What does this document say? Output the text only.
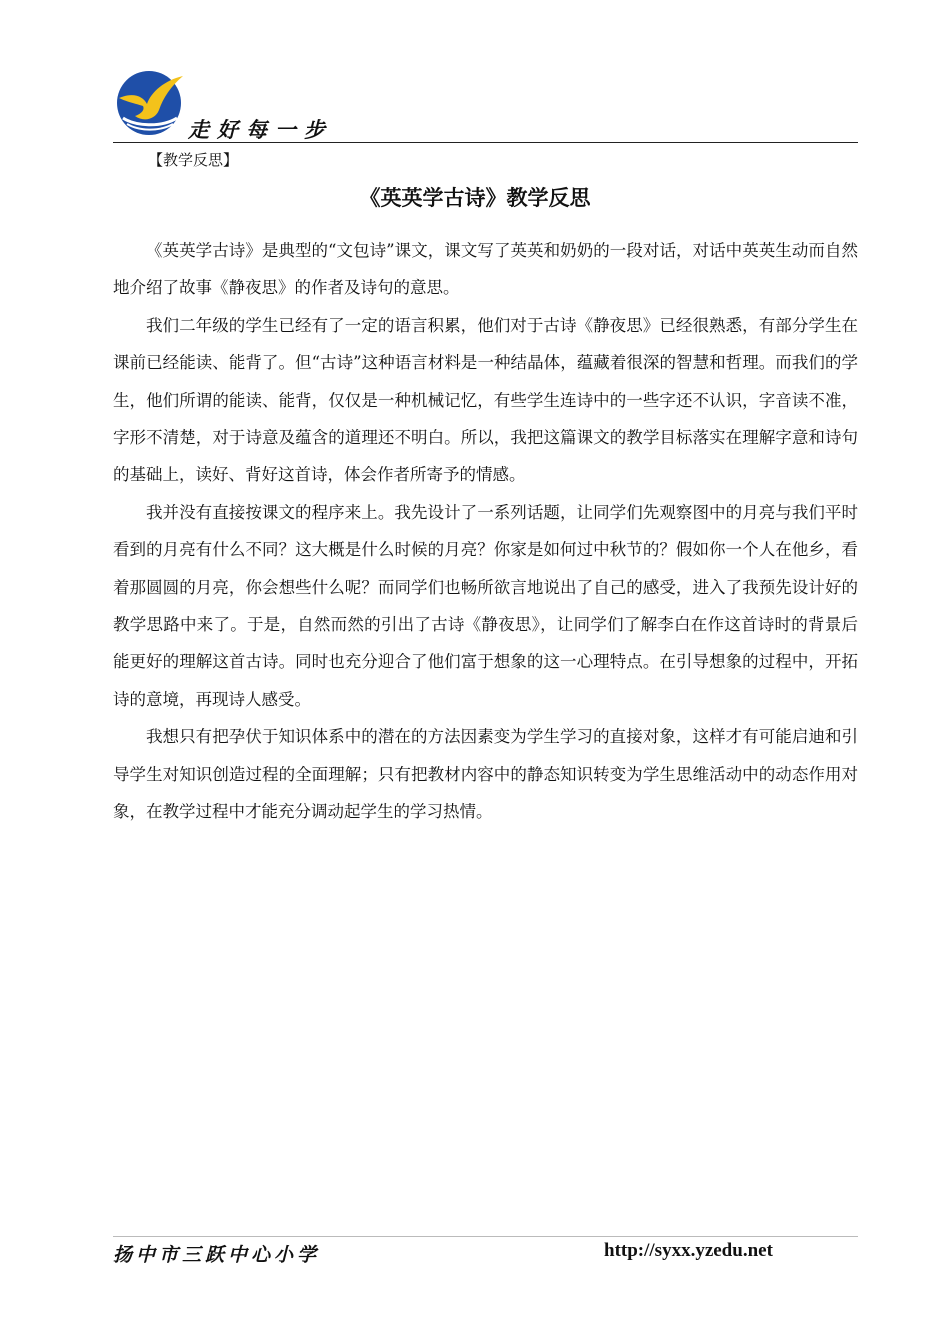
走好每一步
【教学反思】
《英英学古诗》教学反思

《英英学古诗》是典型的“文包诗”课文，课文写了英英和奶奶的一段对话，对话中英英生动而自然地介绍了故事《静夜思》的作者及诗句的意思。

我们二年级的学生已经有了一定的语言积累，他们对于古诗《静夜思》已经很熟悉，有部分学生在课前已经能读、能背了。但“古诗”这种语言材料是一种结晶体，蕴藏着很深的智慧和哲理。而我们的学生，他们所谓的能读、能背，仅仅是一种机械记忆，有些学生连诗中的一些字还不认识，字音读不准，字形不清楚，对于诗意及蕴含的道理还不明白。所以，我把这篇课文的教学目标落实在理解字意和诗句的基础上，读好、背好这首诗，体会作者所寄予的情感。

我并没有直接按课文的程序来上。我先设计了一系列话题，让同学们先观察图中的月亮与我们平时看到的月亮有什么不同？这大概是什么时候的月亮？你家是如何过中秋节的？假如你一个人在他乡，看着那圆圆的月亮，你会想些什么呢？而同学们也畅所欲言地说出了自己的感受，进入了我预先设计好的教学思路中来了。于是，自然而然的引出了古诗《静夜思》，让同学们了解李白在作这首诗时的背景后能更好的理解这首古诗。同时也充分迎合了他们富于想象的这一心理特点。在引导想象的过程中，开拓诗的意境，再现诗人感受。

我想只有把孕伏于知识体系中的潜在的方法因素变为学生学习的直接对象，这样才有可能启迪和引导学生对知识创造过程的全面理解；只有把教材内容中的静态知识转变为学生思维活动中的动态作用对象，在教学过程中才能充分调动起学生的学习热情。

扬中市三跃中心小学	http://syxx.yzedu.net
